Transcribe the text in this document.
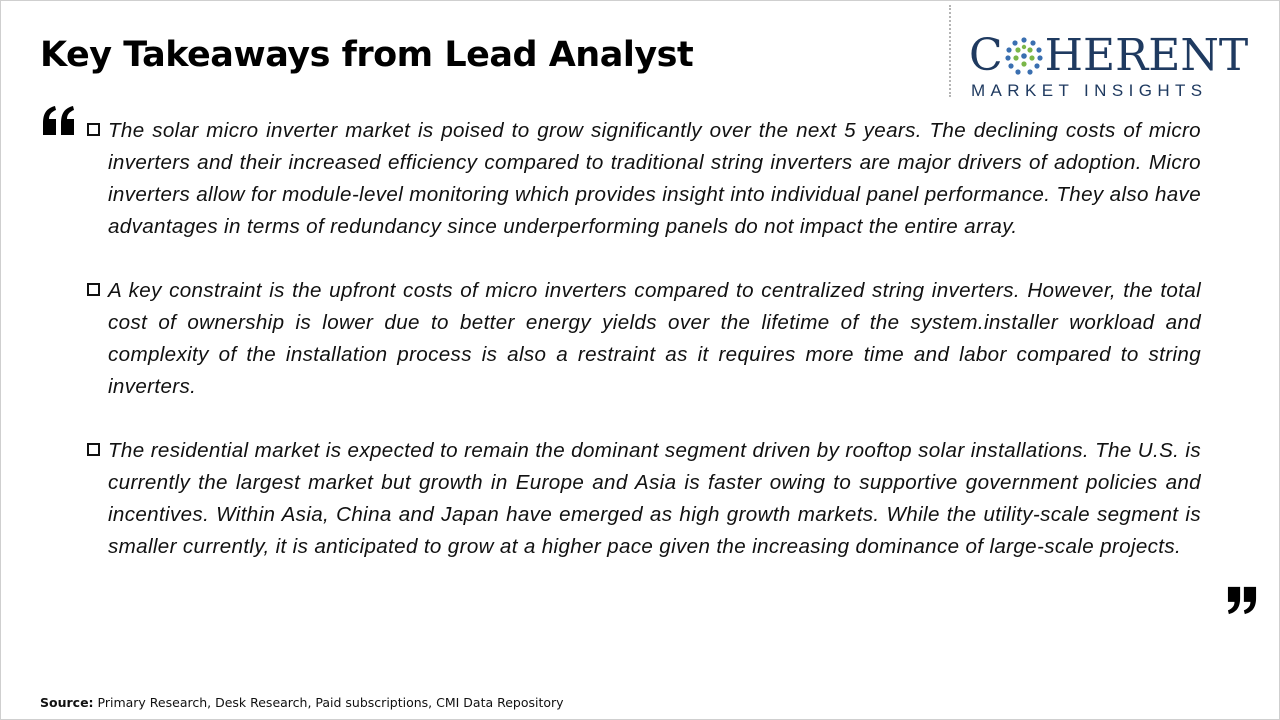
Key Takeaways from Lead Analyst	C HERENT
MARKET INSIGHTS
The solar micro inverter market is poised to grow significantly over the next 5 years. The declining costs of micro inverters and their increased efficiency compared to traditional string inverters are major drivers of adoption. Micro inverters allow for module-level monitoring which provides insight into individual panel performance. They also have advantages in terms of redundancy since underperforming panels do not impact the entire array.
A key constraint is the upfront costs of micro inverters compared to centralized string inverters. However, the total cost of ownership is lower due to better energy yields over the lifetime of the system.installer workload and complexity of the installation process is also a restraint as it requires more time and labor compared to string inverters.
The residential market is expected to remain the dominant segment driven by rooftop solar installations. The U.S. is currently the largest market but growth in Europe and Asia is faster owing to supportive government policies and incentives. Within Asia, China and Japan have emerged as high growth markets. While the utility-scale segment is smaller currently, it is anticipated to grow at a higher pace given the increasing dominance of large-scale projects.
Source: Primary Research, Desk Research, Paid subscriptions, CMI Data Repository
